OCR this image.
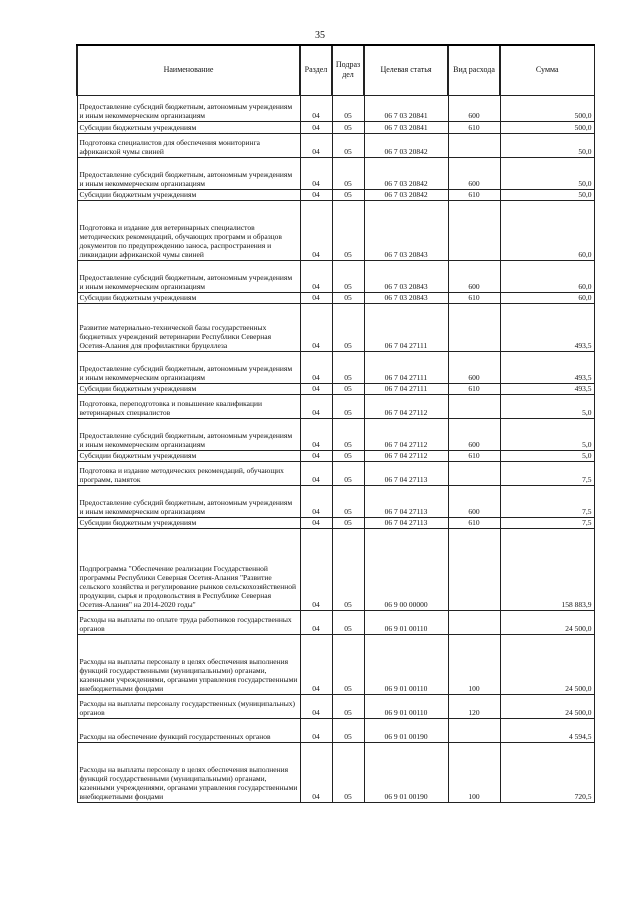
35
Наименование	Раздел	Подраз дел	Целевая статья	Вид расхода	Сумма
Предоставление субсидий бюджетным, автономным учреждениям и иным некоммерческим организациям	04	05	06 7 03 20841	600	500,0
Субсидии бюджетным учреждениям	04	05	06 7 03 20841	610	500,0
Подготовка специалистов для обеспечения мониторинга африканской чумы свиней	04	05	06 7 03 20842		50,0
Предоставление субсидий бюджетным, автономным учреждениям и иным некоммерческим организациям	04	05	06 7 03 20842	600	50,0
Субсидии бюджетным учреждениям	04	05	06 7 03 20842	610	50,0
Подготовка и издание для ветеринарных специалистов методических рекомендаций, обучающих программ и образцов документов по предупреждению заноса, распространения и ликвидации африканской чумы свиней	04	05	06 7 03 20843		60,0
Предоставление субсидий бюджетным, автономным учреждениям и иным некоммерческим организациям	04	05	06 7 03 20843	600	60,0
Субсидии бюджетным учреждениям	04	05	06 7 03 20843	610	60,0
Развитие материально-технической базы государственных бюджетных учреждений ветеринарии Республики Северная Осетия-Алания для профилактики бруцеллеза	04	05	06 7 04 27111		493,5
Предоставление субсидий бюджетным, автономным учреждениям и иным некоммерческим организациям	04	05	06 7 04 27111	600	493,5
Субсидии бюджетным учреждениям	04	05	06 7 04 27111	610	493,5
Подготовка, переподготовка и повышение квалификации ветеринарных специалистов	04	05	06 7 04 27112		5,0
Предоставление субсидий бюджетным, автономным учреждениям и иным некоммерческим организациям	04	05	06 7 04 27112	600	5,0
Субсидии бюджетным учреждениям	04	05	06 7 04 27112	610	5,0
Подготовка и издание методических рекомендаций, обучающих программ, памяток	04	05	06 7 04 27113		7,5
Предоставление субсидий бюджетным, автономным учреждениям и иным некоммерческим организациям	04	05	06 7 04 27113	600	7,5
Субсидии бюджетным учреждениям	04	05	06 7 04 27113	610	7,5
Подпрограмма "Обеспечение реализации Государственной программы Республики Северная Осетия-Алания "Развитие сельского хозяйства и регулирование рынков сельскохозяйственной продукции, сырья и продовольствия в Республике Северная Осетия-Алания" на 2014-2020 годы"	04	05	06 9 00 00000		158 883,9
Расходы на выплаты по оплате труда работников государственных органов	04	05	06 9 01 00110		24 500,0
Расходы на выплаты персоналу в целях обеспечения выполнения функций государственными (муниципальными) органами, казенными учреждениями, органами управления государственными внебюджетными фондами	04	05	06 9 01 00110	100	24 500,0
Расходы на выплаты персоналу государственных (муниципальных) органов	04	05	06 9 01 00110	120	24 500,0
Расходы на обеспечение функций государственных органов	04	05	06 9 01 00190		4 594,5
Расходы на выплаты персоналу в целях обеспечения выполнения функций государственными (муниципальными) органами, казенными учреждениями, органами управления государственными внебюджетными фондами	04	05	06 9 01 00190	100	720,5
